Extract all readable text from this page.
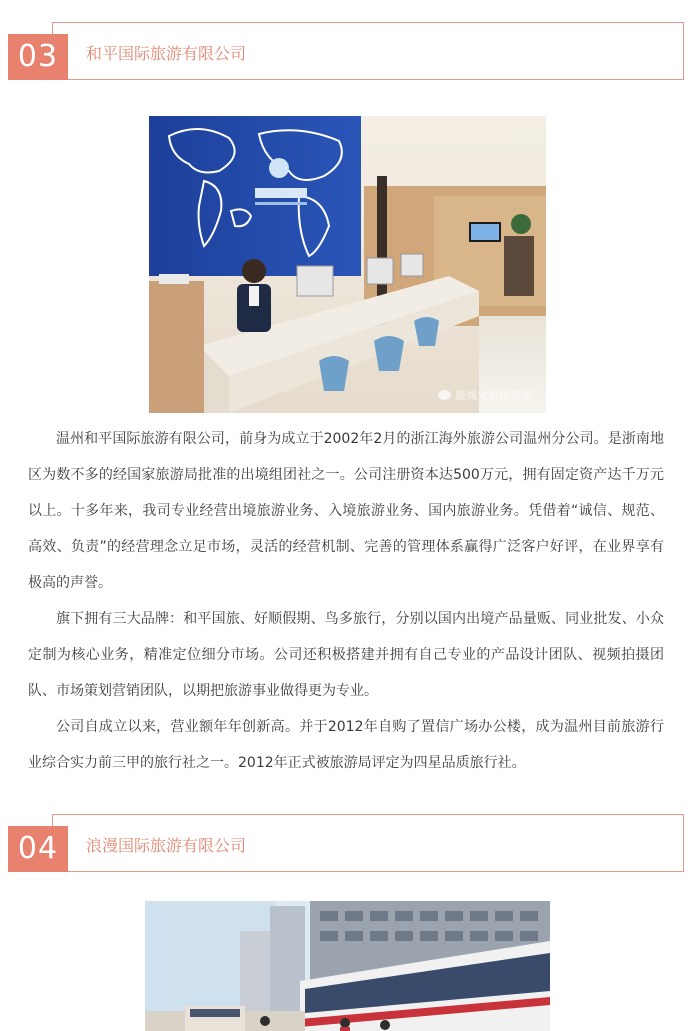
03	和平国际旅游有限公司
鹿城文旅体资讯

温州和平国际旅游有限公司，前身为成立于2002年2月的浙江海外旅游公司温州分公司。是浙南地区为数不多的经国家旅游局批准的出境组团社之一。公司注册资本达500万元，拥有固定资产达千万元以上。十多年来，我司专业经营出境旅游业务、入境旅游业务、国内旅游业务。凭借着“诚信、规范、高效、负责”的经营理念立足市场，灵活的经营机制、完善的管理体系赢得广泛客户好评，在业界享有极高的声誉。

旗下拥有三大品牌：和平国旅、好顺假期、鸟多旅行，分别以国内出境产品量贩、同业批发、小众定制为核心业务，精准定位细分市场。公司还积极搭建并拥有自己专业的产品设计团队、视频拍摄团队、市场策划营销团队，以期把旅游事业做得更为专业。

公司自成立以来，营业额年年创新高。并于2012年自购了置信广场办公楼，成为温州目前旅游行业综合实力前三甲的旅行社之一。2012年正式被旅游局评定为四星品质旅行社。

04	浪漫国际旅游有限公司
